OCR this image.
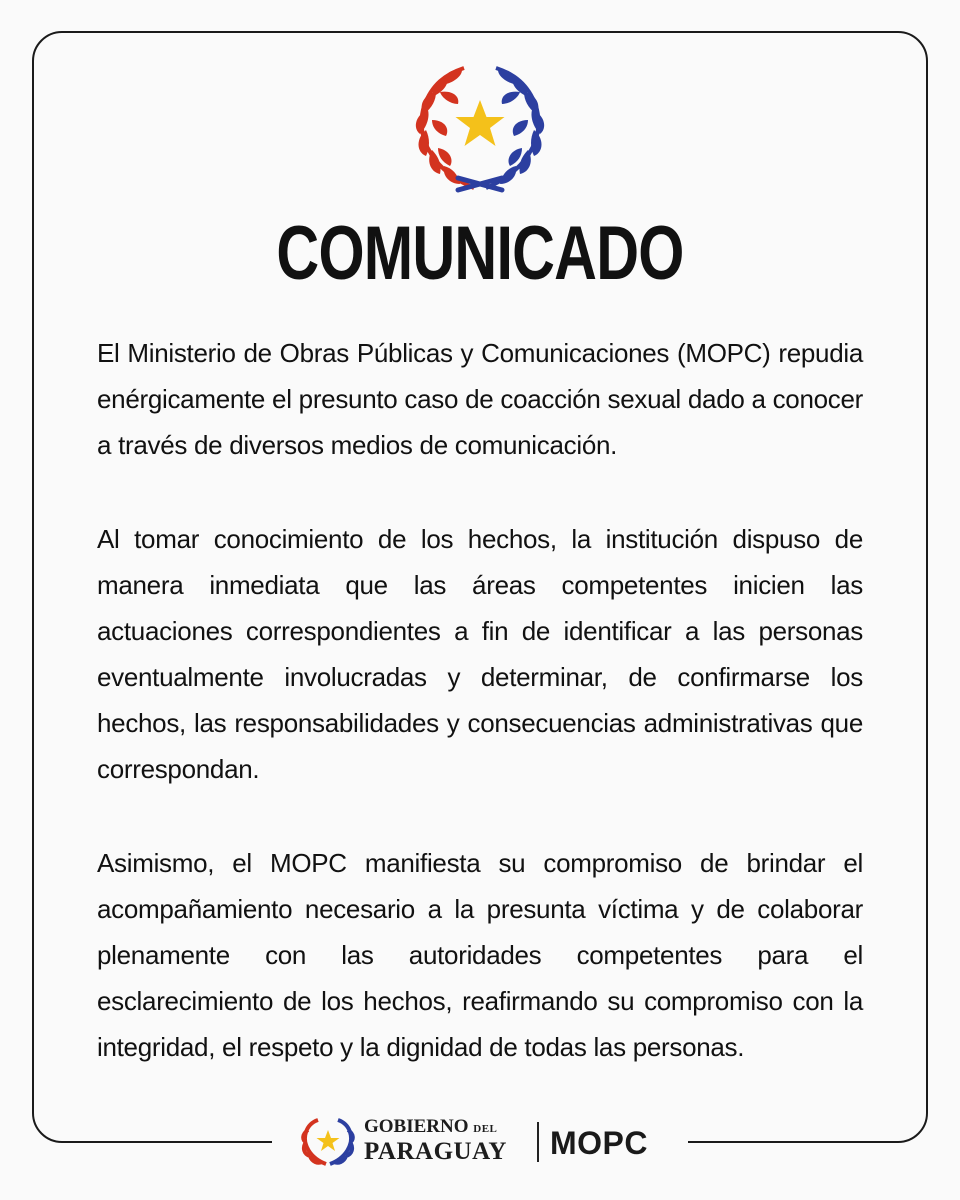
COMUNICADO

El Ministerio de Obras Públicas y Comunicaciones (MOPC) repudia enérgicamente el presunto caso de coacción sexual dado a conocer a través de diversos medios de comunicación.

Al tomar conocimiento de los hechos, la institución dispuso de manera inmediata que las áreas competentes inicien las actuaciones correspondientes a fin de identificar a las personas eventualmente involucradas y determinar, de confirmarse los hechos, las responsabilidades y consecuencias administrativas que correspondan.

Asimismo, el MOPC manifiesta su compromiso de brindar el acompañamiento necesario a la presunta víctima y de colaborar plenamente con las autoridades competentes para el esclarecimiento de los hechos, reafirmando su compromiso con la integridad, el respeto y la dignidad de todas las personas.

GOBIERNO DEL
PARAGUAY MOPC
